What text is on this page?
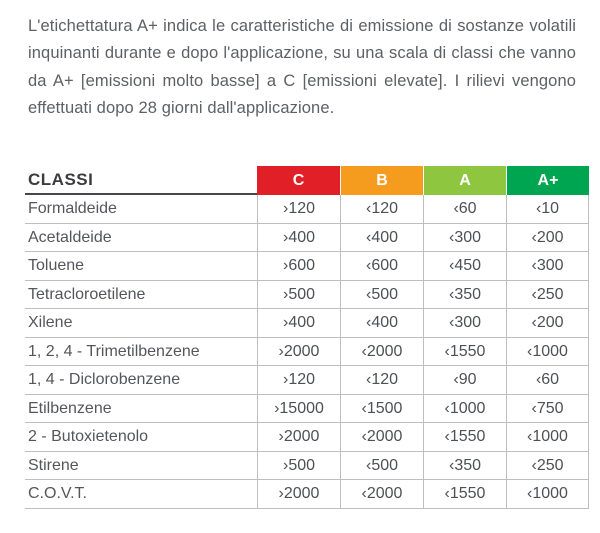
L'etichettatura A+ indica le caratteristiche di emissione di sostanze volatili inquinanti durante e dopo l'applicazione, su una scala di classi che vanno da A+ [emissioni molto basse] a C [emissioni elevate]. I rilievi vengono effettuati dopo 28 giorni dall'applicazione.

CLASSI	C	B	A	A+
Formaldeide	›120	‹120	‹60	‹10
Acetaldeide	›400	‹400	‹300	‹200
Toluene	›600	‹600	‹450	‹300
Tetracloroetilene	›500	‹500	‹350	‹250
Xilene	›400	‹400	‹300	‹200
1, 2, 4 - Trimetilbenzene	›2000	‹2000	‹1550	‹1000
1, 4 - Diclorobenzene	›120	‹120	‹90	‹60
Etilbenzene	›15000	‹1500	‹1000	‹750
2 - Butoxietenolo	›2000	‹2000	‹1550	‹1000
Stirene	›500	‹500	‹350	‹250
C.O.V.T.	›2000	‹2000	‹1550	‹1000
